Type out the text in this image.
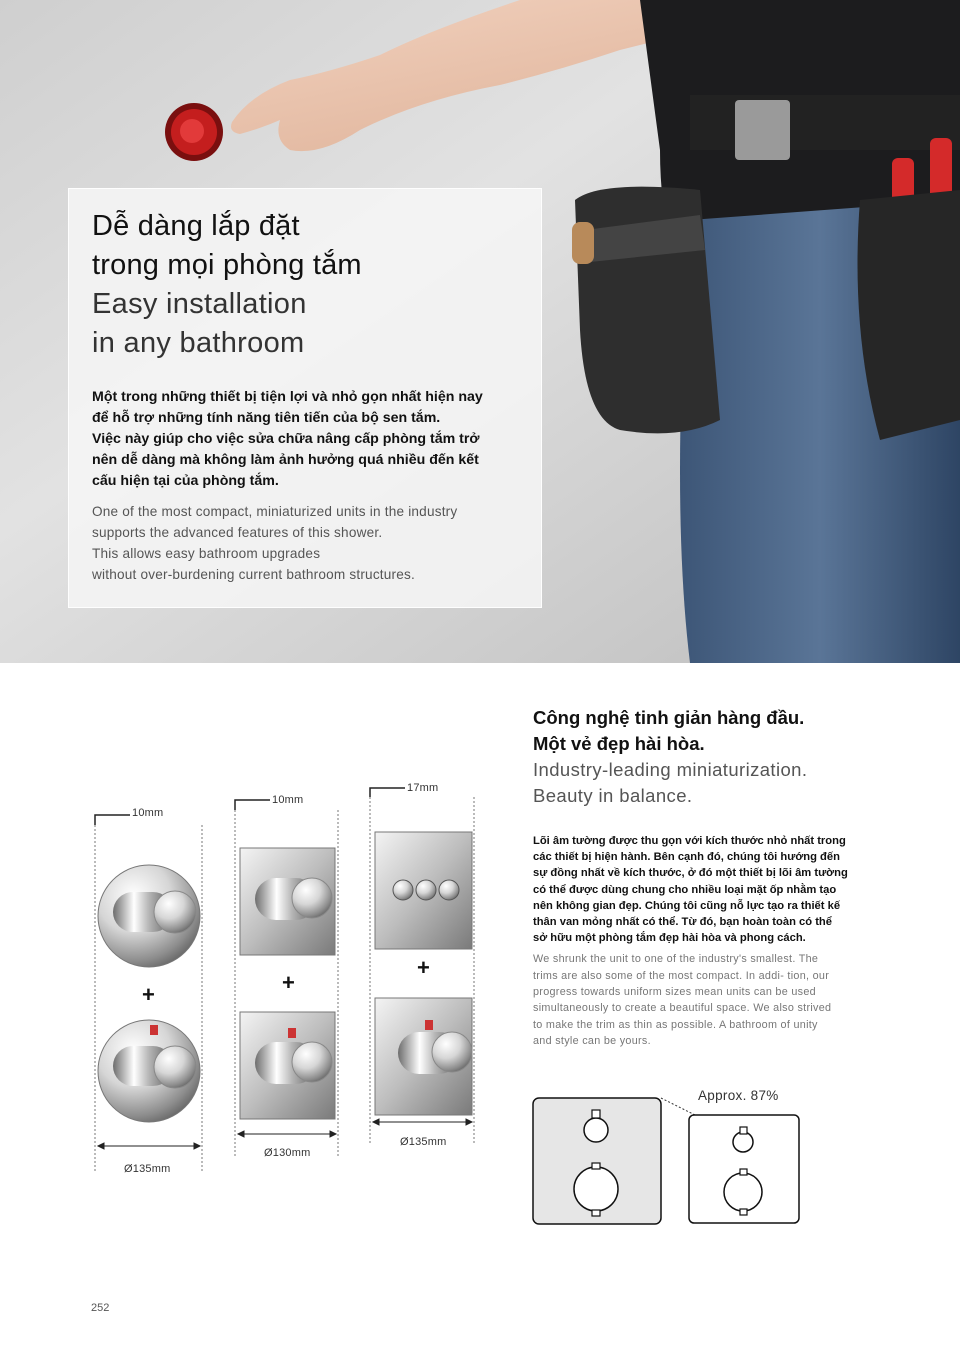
Dễ dàng lắp đặt
trong mọi phòng tắm
Easy installation
in any bathroom
Một trong những thiết bị tiện lợi và nhỏ gọn nhất hiện nay
để hỗ trợ những tính năng tiên tiến của bộ sen tắm.
Việc này giúp cho việc sửa chữa nâng cấp phòng tắm trở
nên dễ dàng mà không làm ảnh hưởng quá nhiều đến kết
cấu hiện tại của phòng tắm.
One of the most compact, miniaturized units in the industry
supports the advanced features of this shower.
This allows easy bathroom upgrades
without over-burdening current bathroom structures.
10mm
10mm
17mm
+	+
+
Ø135mm
Ø130mm
Ø135mm
Công nghệ tinh giản hàng đầu.
Một vẻ đẹp hài hòa.
Industry-leading miniaturization.
Beauty in balance.
Lõi âm tường được thu gọn với kích thước nhỏ nhất trong
các thiết bị hiện hành. Bên cạnh đó, chúng tôi hướng đến
sự đồng nhất về kích thước, ở đó một thiết bị lõi âm tường
có thể được dùng chung cho nhiều loại mặt ốp nhằm tạo
nên không gian đẹp. Chúng tôi cũng nỗ lực tạo ra thiết kế
thân van mỏng nhất có thể. Từ đó, bạn hoàn toàn có thể
sở hữu một phòng tắm đẹp hài hòa và phong cách.
We shrunk the unit to one of the industry's smallest. The
trims are also some of the most compact. In addi- tion, our
progress towards uniform sizes mean units can be used
simultaneously to create a beautiful space. We also strived
to make the trim as thin as possible. A bathroom of unity
and style can be yours.
Approx. 87%
252
